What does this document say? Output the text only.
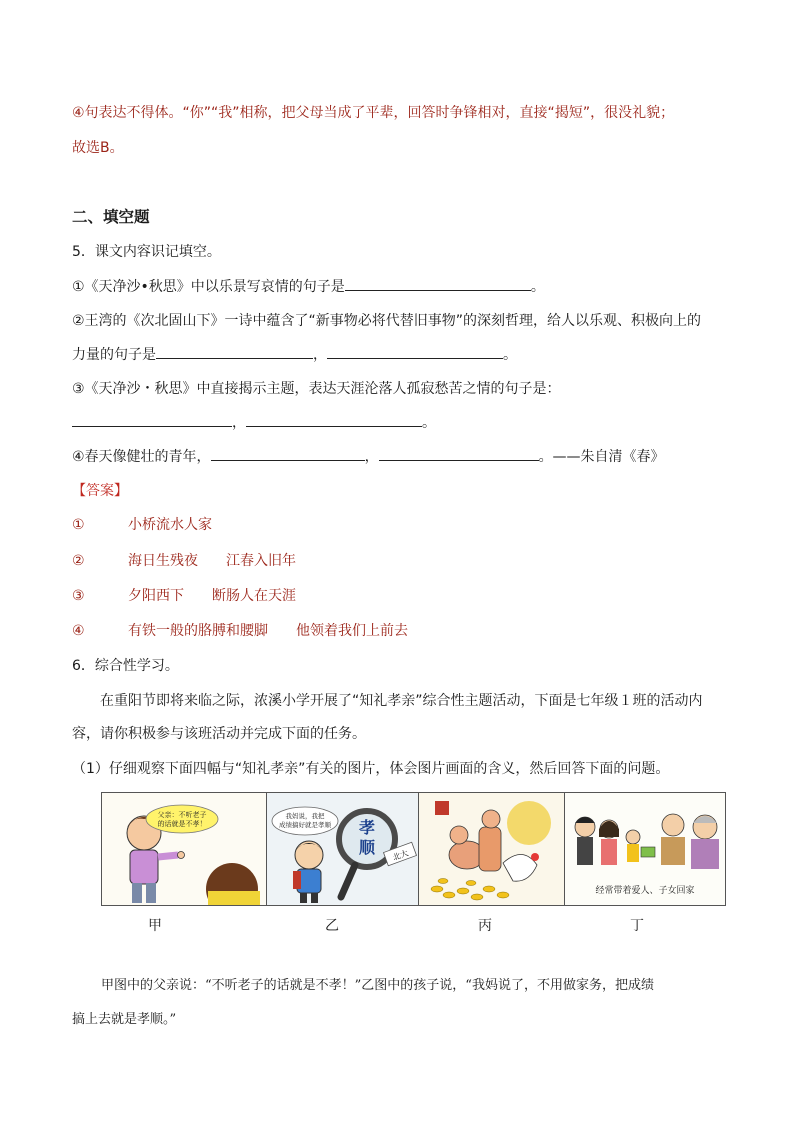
④句表达不得体。“你”“我”相称，把父母当成了平辈，回答时争锋相对，直接“揭短”，很没礼貌；
故选B。
二、填空题
5．课文内容识记填空。
①《天净沙•秋思》中以乐景写哀情的句子是	。
②王湾的《次北固山下》一诗中蕴含了“新事物必将代替旧事物”的深刻哲理，给人以乐观、积极向上的
力量的句子是	，	。
③《天净沙・秋思》中直接揭示主题，表达天涯沦落人孤寂愁苦之情的句子是：
，	。
④春天像健壮的青年，	，	。——朱自清《春》
【答案】
①	小桥流水人家
②	海日生残夜 江春入旧年
③	夕阳西下 断肠人在天涯
④	有铁一般的胳膊和腰脚 他领着我们上前去
6．综合性学习。
在重阳节即将来临之际，浓溪小学开展了“知礼孝亲”综合性主题活动，下面是七年级１班的活动内
容，请你积极参与该班活动并完成下面的任务。
（1）仔细观察下面四幅与“知礼孝亲”有关的图片，体会图片画面的含义，然后回答下面的问题。
父亲：不听老子
的话就是不孝！
我妈说，我把
成绩搞好就是孝顺 孝
顺 北大
经常带着爱人、子女回家
甲	乙	丙	丁
甲图中的父亲说：“不听老子的话就是不孝！”乙图中的孩子说，“我妈说了，不用做家务，把成绩
搞上去就是孝顺。”
